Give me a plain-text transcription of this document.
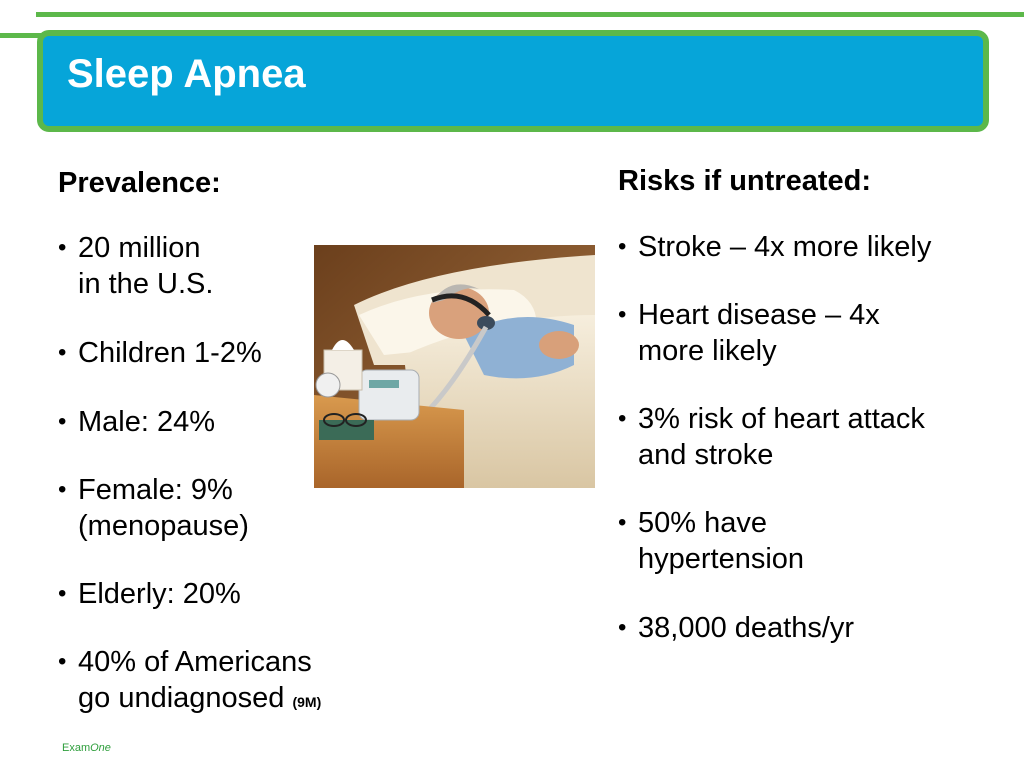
Sleep Apnea
Prevalence:
• 20 million
in the U.S.
• Children 1-2%
• Male: 24%
• Female: 9%
(menopause)
• Elderly: 20%
• 40% of Americans
go undiagnosed (9M)
Risks if untreated:
• Stroke – 4x more likely
• Heart disease – 4x
more likely
• 3% risk of heart attack
and stroke
• 50% have
hypertension
• 38,000 deaths/yr
ExamOne
